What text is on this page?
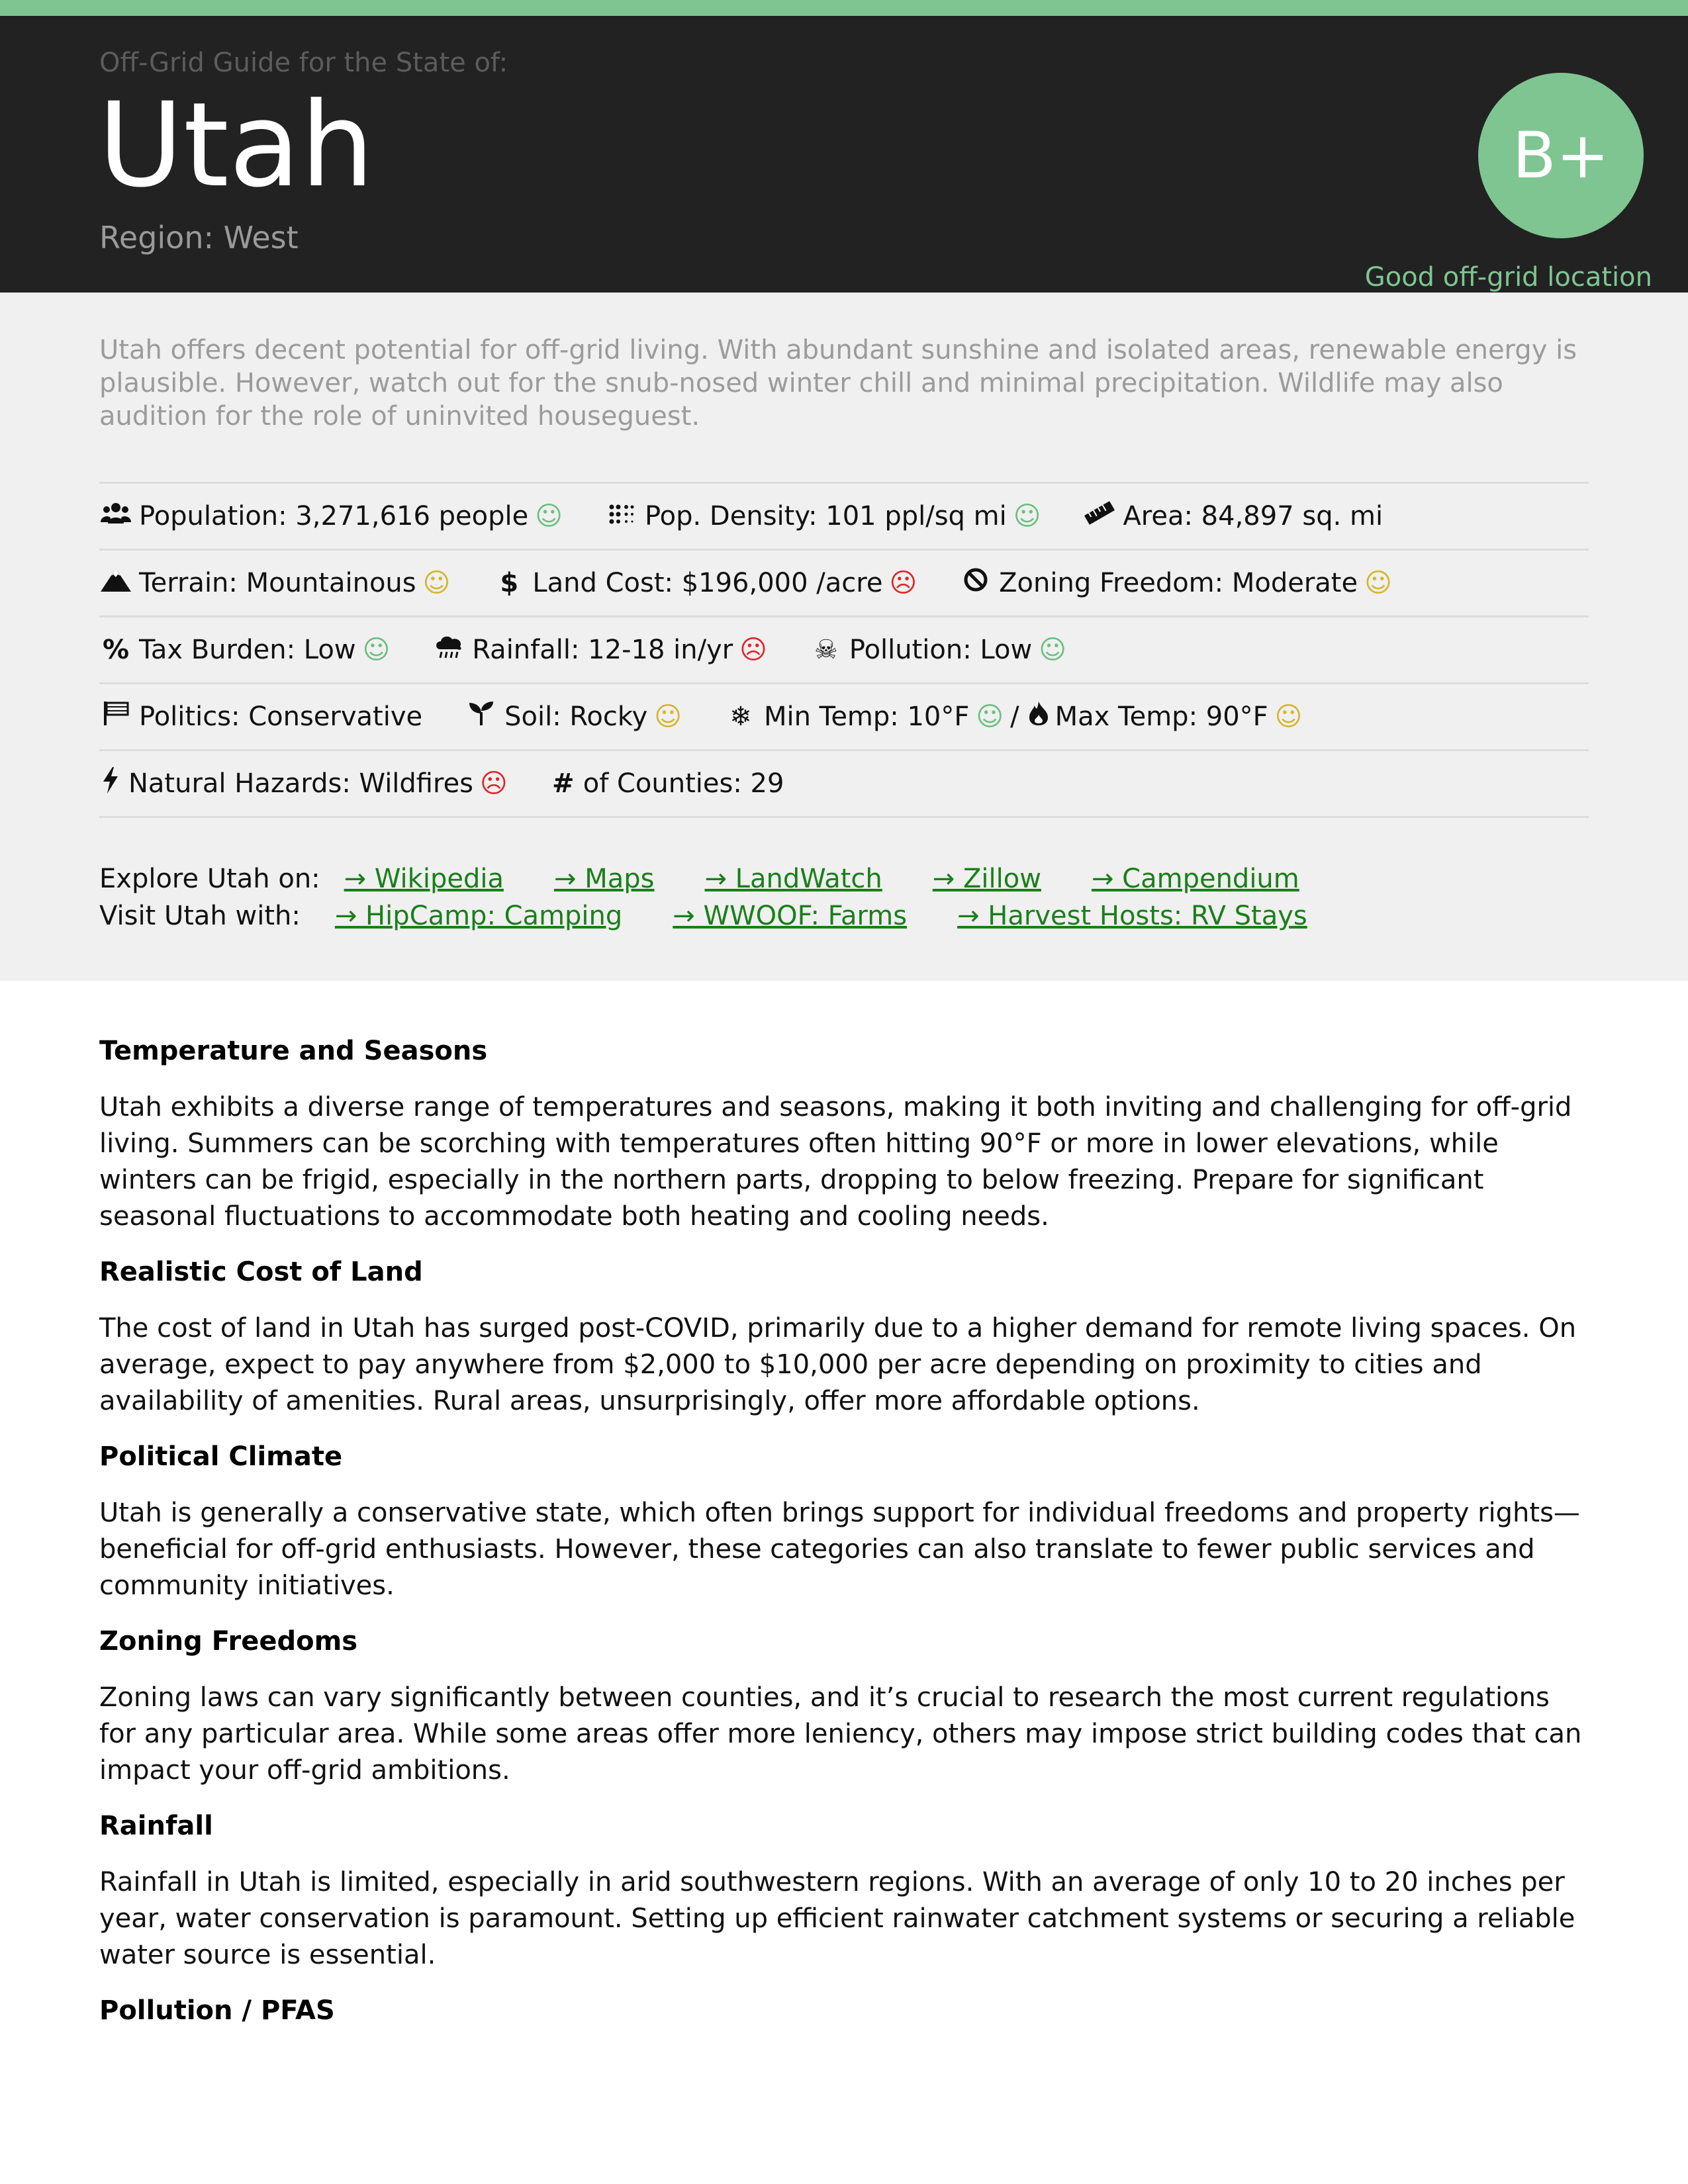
Off-Grid Guide for the State of:
Utah
Region: West
B+
Good off-grid location
Utah offers decent potential for off-grid living. With abundant sunshine and isolated areas, renewable energy is plausible. However, watch out for the snub-nosed winter chill and minimal precipitation. Wildlife may also audition for the role of uninvited houseguest.
Population: 3,271,616 people ☺	Pop. Density: 101 ppl/sq mi ☺	Area: 84,897 sq. mi
Terrain: Mountainous ☺ $ Land Cost: $196,000 /acre ☹	Zoning Freedom: Moderate ☺
% Tax Burden: Low ☺	Rainfall: 12-18 in/yr ☹ ☠ Pollution: Low ☺
Politics: Conservative	Soil: Rocky ☺ ❄ Min Temp: 10°F ☺ / Max Temp: 90°F ☺
Natural Hazards: Wildfires ☹ # of Counties: 29
Explore Utah on: → Wikipedia → Maps → LandWatch → Zillow → Campendium
Visit Utah with: → HipCamp: Camping → WWOOF: Farms → Harvest Hosts: RV Stays
Temperature and Seasons

Utah exhibits a diverse range of temperatures and seasons, making it both inviting and challenging for off-grid living. Summers can be scorching with temperatures often hitting 90°F or more in lower elevations, while winters can be frigid, especially in the northern parts, dropping to below freezing. Prepare for significant seasonal fluctuations to accommodate both heating and cooling needs.

Realistic Cost of Land

The cost of land in Utah has surged post-COVID, primarily due to a higher demand for remote living spaces. On average, expect to pay anywhere from $2,000 to $10,000 per acre depending on proximity to cities and availability of amenities. Rural areas, unsurprisingly, offer more affordable options.

Political Climate

Utah is generally a conservative state, which often brings support for individual freedoms and property rights—beneficial for off-grid enthusiasts. However, these categories can also translate to fewer public services and community initiatives.

Zoning Freedoms

Zoning laws can vary significantly between counties, and it’s crucial to research the most current regulations for any particular area. While some areas offer more leniency, others may impose strict building codes that can impact your off-grid ambitions.

Rainfall

Rainfall in Utah is limited, especially in arid southwestern regions. With an average of only 10 to 20 inches per year, water conservation is paramount. Setting up efficient rainwater catchment systems or securing a reliable water source is essential.

Pollution / PFAS
